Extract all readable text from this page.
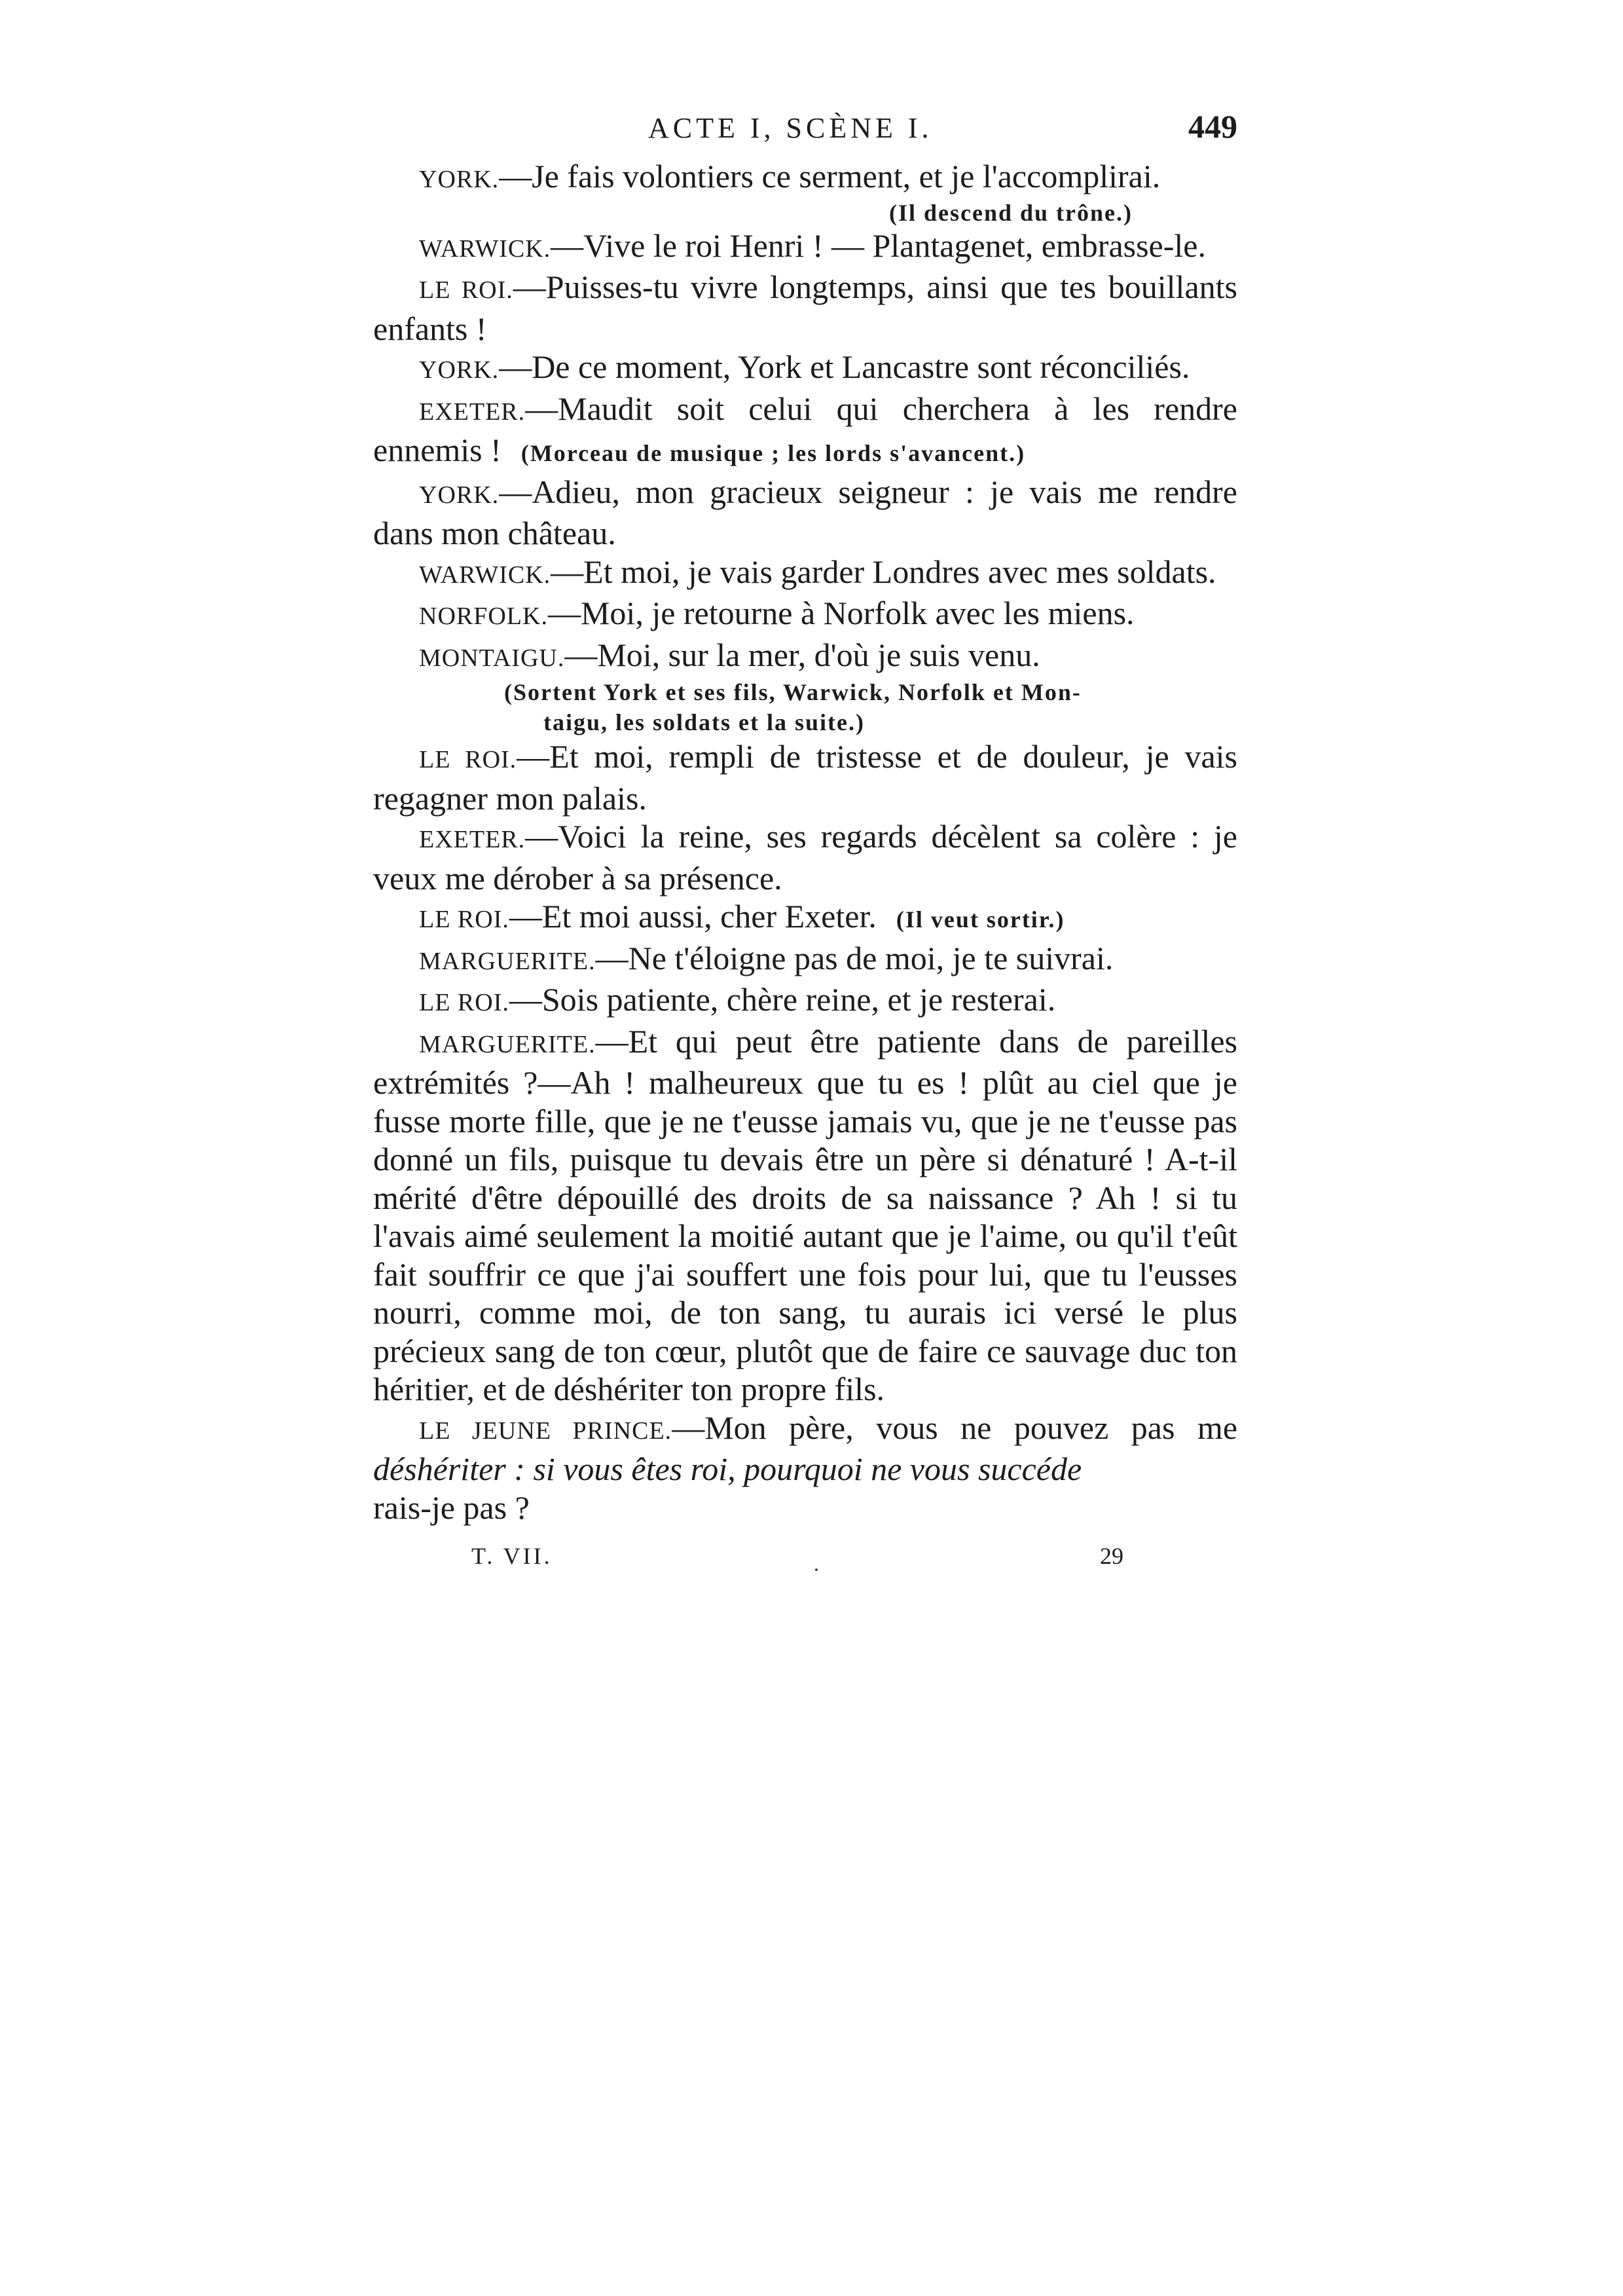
ACTE I, SCÈNE I.	449

YORK.—Je fais volontiers ce serment, et je l'accomplirai.

(Il descend du trône.)

WARWICK.—Vive le roi Henri ! — Plantagenet, embrasse-le.

LE ROI.—Puisses-tu vivre longtemps, ainsi que tes bouillants enfants !

YORK.—De ce moment, York et Lancastre sont réconciliés.

EXETER.—Maudit soit celui qui cherchera à les rendre ennemis ! (Morceau de musique ; les lords s'avancent.)

YORK.—Adieu, mon gracieux seigneur : je vais me rendre dans mon château.

WARWICK.—Et moi, je vais garder Londres avec mes soldats.

NORFOLK.—Moi, je retourne à Norfolk avec les miens.

MONTAIGU.—Moi, sur la mer, d'où je suis venu.

(Sortent York et ses fils, Warwick, Norfolk et Mon-
taigu, les soldats et la suite.)

LE ROI.—Et moi, rempli de tristesse et de douleur, je vais regagner mon palais.

EXETER.—Voici la reine, ses regards décèlent sa colère : je veux me dérober à sa présence.

LE ROI.—Et moi aussi, cher Exeter. (Il veut sortir.)

MARGUERITE.—Ne t'éloigne pas de moi, je te suivrai.

LE ROI.—Sois patiente, chère reine, et je resterai.

MARGUERITE.—Et qui peut être patiente dans de pareilles extrémités ?—Ah ! malheureux que tu es ! plût au ciel que je fusse morte fille, que je ne t'eusse jamais vu, que je ne t'eusse pas donné un fils, puisque tu devais être un père si dénaturé ! A-t-il mérité d'être dépouillé des droits de sa naissance ? Ah ! si tu l'avais aimé seulement la moitié autant que je l'aime, ou qu'il t'eût fait souffrir ce que j'ai souffert une fois pour lui, que tu l'eusses nourri, comme moi, de ton sang, tu aurais ici versé le plus précieux sang de ton cœur, plutôt que de faire ce sauvage duc ton héritier, et de déshériter ton propre fils.

LE JEUNE PRINCE.—Mon père, vous ne pouvez pas me déshériter : si vous êtes roi, pourquoi ne vous succéde
rais-je pas ?

T. VII.	29
